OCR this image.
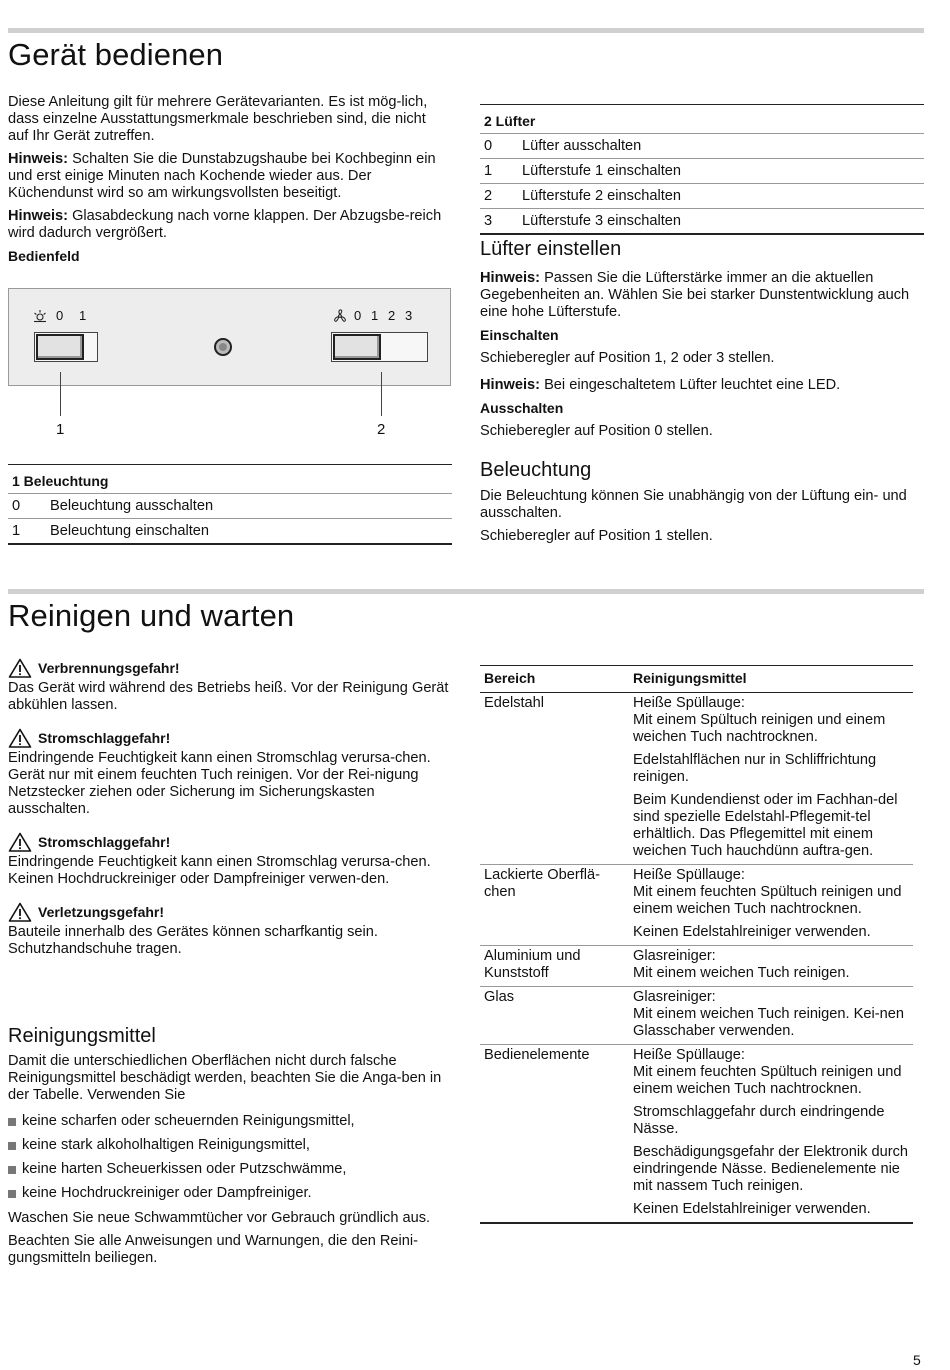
Gerät bedienen

Diese Anleitung gilt für mehrere Gerätevarianten. Es ist mög-lich, dass einzelne Ausstattungsmerkmale beschrieben sind, die nicht auf Ihr Gerät zutreffen.

Hinweis: Schalten Sie die Dunstabzugshaube bei Kochbeginn ein und erst einige Minuten nach Kochende wieder aus. Der Küchendunst wird so am wirkungsvollsten beseitigt.

Hinweis: Glasabdeckung nach vorne klappen. Der Abzugsbe-reich wird dadurch vergrößert.

Bedienfeld

0 1	0 1 2 3
1	2
1 Beleuchtung	
0	Beleuchtung ausschalten
1	Beleuchtung einschalten
2 Lüfter	
0	Lüfter ausschalten
1	Lüfterstufe 1 einschalten
2	Lüfterstufe 2 einschalten
3	Lüfterstufe 3 einschalten
Lüfter einstellen

Hinweis: Passen Sie die Lüfterstärke immer an die aktuellen Gegebenheiten an. Wählen Sie bei starker Dunstentwicklung auch eine hohe Lüfterstufe.

Einschalten

Schieberegler auf Position 1, 2 oder 3 stellen.

Hinweis: Bei eingeschaltetem Lüfter leuchtet eine LED.

Ausschalten

Schieberegler auf Position 0 stellen.

Beleuchtung

Die Beleuchtung können Sie unabhängig von der Lüftung ein- und ausschalten.

Schieberegler auf Position 1 stellen.

Reinigen und warten
Verbrennungsgefahr!
Das Gerät wird während des Betriebs heiß. Vor der Reinigung Gerät abkühlen lassen.
Stromschlaggefahr!
Eindringende Feuchtigkeit kann einen Stromschlag verursa-chen. Gerät nur mit einem feuchten Tuch reinigen. Vor der Rei-nigung Netzstecker ziehen oder Sicherung im Sicherungskasten ausschalten.
Stromschlaggefahr!
Eindringende Feuchtigkeit kann einen Stromschlag verursa-chen. Keinen Hochdruckreiniger oder Dampfreiniger verwen-den.
Verletzungsgefahr!
Bauteile innerhalb des Gerätes können scharfkantig sein. Schutzhandschuhe tragen.
Reinigungsmittel

Damit die unterschiedlichen Oberflächen nicht durch falsche Reinigungsmittel beschädigt werden, beachten Sie die Anga-ben in der Tabelle. Verwenden Sie

keine scharfen oder scheuernden Reinigungsmittel,
keine stark alkoholhaltigen Reinigungsmittel,
keine harten Scheuerkissen oder Putzschwämme,
keine Hochdruckreiniger oder Dampfreiniger.

Waschen Sie neue Schwammtücher vor Gebrauch gründlich aus.

Beachten Sie alle Anweisungen und Warnungen, die den Reini-gungsmitteln beiliegen.

Bereich	Reinigungsmittel
Edelstahl	Heiße Spüllauge:
Mit einem Spültuch reinigen und einem weichen Tuch nachtrocknen.

Edelstahlflächen nur in Schliffrichtung reinigen.

Beim Kundendienst oder im Fachhan-del sind spezielle Edelstahl-Pflegemit-tel erhältlich. Das Pflegemittel mit einem weichen Tuch hauchdünn auftra-gen.

Lackierte Oberflä-chen	Heiße Spüllauge:
Mit einem feuchten Spültuch reinigen und einem weichen Tuch nachtrocknen.

Keinen Edelstahlreiniger verwenden.

Aluminium und Kunststoff	Glasreiniger:
Mit einem weichen Tuch reinigen.

Glas	Glasreiniger:
Mit einem weichen Tuch reinigen. Kei-nen Glasschaber verwenden.

Bedienelemente	Heiße Spüllauge:
Mit einem feuchten Spültuch reinigen und einem weichen Tuch nachtrocknen.

Stromschlaggefahr durch eindringende Nässe.

Beschädigungsgefahr der Elektronik durch eindringende Nässe. Bedienelemente nie mit nassem Tuch reinigen.

Keinen Edelstahlreiniger verwenden.

5
